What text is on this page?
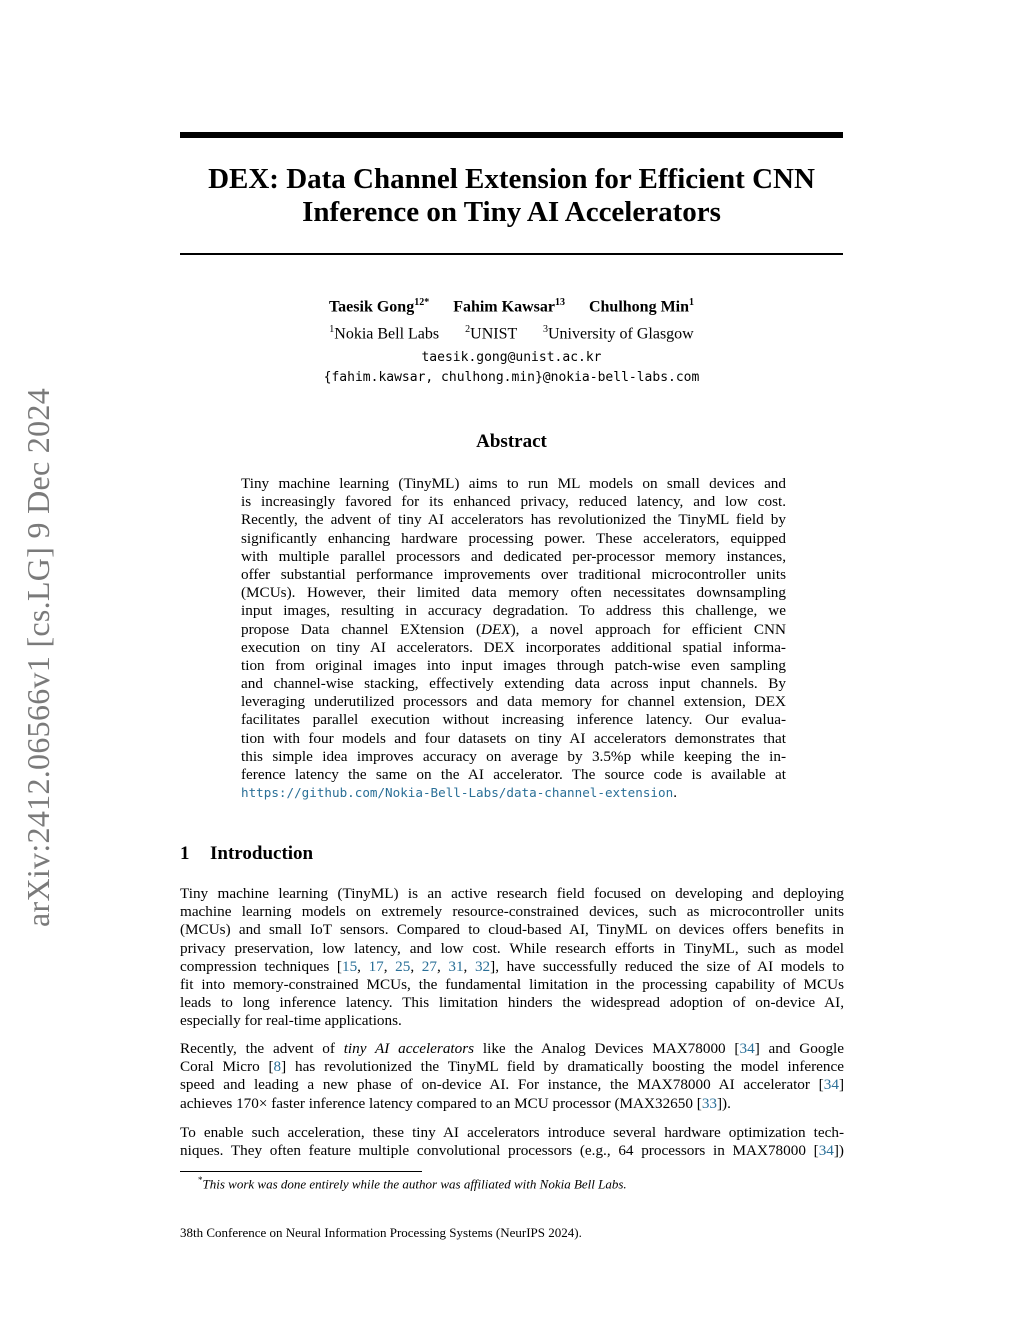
arXiv:2412.06566v1 [cs.LG] 9 Dec 2024
DEX: Data Channel Extension for Efficient CNN
Inference on Tiny AI Accelerators
Taesik Gong$^{12*}$ Fahim Kawsar$^{13}$ Chulhong Min$^1$
$^1$Nokia Bell Labs	$^2$UNIST	$^3$University of Glasgow
taesik.gong@unist.ac.kr
{fahim.kawsar, chulhong.min}@nokia-bell-labs.com
Abstract
Tiny machine learning (TinyML) aims to run ML models on small devices and
is increasingly favored for its enhanced privacy, reduced latency, and low cost.
Recently, the advent of tiny AI accelerators has revolutionized the TinyML field by
significantly enhancing hardware processing power. These accelerators, equipped
with multiple parallel processors and dedicated per-processor memory instances,
offer substantial performance improvements over traditional microcontroller units
(MCUs). However, their limited data memory often necessitates downsampling
input images, resulting in accuracy degradation. To address this challenge, we
propose Data channel EXtension (DEX), a novel approach for efficient CNN
execution on tiny AI accelerators. DEX incorporates additional spatial informa-
tion from original images into input images through patch-wise even sampling
and channel-wise stacking, effectively extending data across input channels. By
leveraging underutilized processors and data memory for channel extension, DEX
facilitates parallel execution without increasing inference latency. Our evalua-
tion with four models and four datasets on tiny AI accelerators demonstrates that
this simple idea improves accuracy on average by 3.5%p while keeping the in-
ference latency the same on the AI accelerator. The source code is available at
https://github.com/Nokia-Bell-Labs/data-channel-extension.
1 Introduction
Tiny machine learning (TinyML) is an active research field focused on developing and deploying
machine learning models on extremely resource-constrained devices, such as microcontroller units
(MCUs) and small IoT sensors. Compared to cloud-based AI, TinyML on devices offers benefits in
privacy preservation, low latency, and low cost. While research efforts in TinyML, such as model
compression techniques [15, 17, 25, 27, 31, 32], have successfully reduced the size of AI models to
fit into memory-constrained MCUs, the fundamental limitation in the processing capability of MCUs
leads to long inference latency. This limitation hinders the widespread adoption of on-device AI,
especially for real-time applications.
Recently, the advent of tiny AI accelerators like the Analog Devices MAX78000 [34] and Google
Coral Micro [8] has revolutionized the TinyML field by dramatically boosting the model inference
speed and leading a new phase of on-device AI. For instance, the MAX78000 AI accelerator [34]
achieves 170× faster inference latency compared to an MCU processor (MAX32650 [33]).
To enable such acceleration, these tiny AI accelerators introduce several hardware optimization tech-
niques. They often feature multiple convolutional processors (e.g., 64 processors in MAX78000 [34])
*This work was done entirely while the author was affiliated with Nokia Bell Labs.
38th Conference on Neural Information Processing Systems (NeurIPS 2024).
